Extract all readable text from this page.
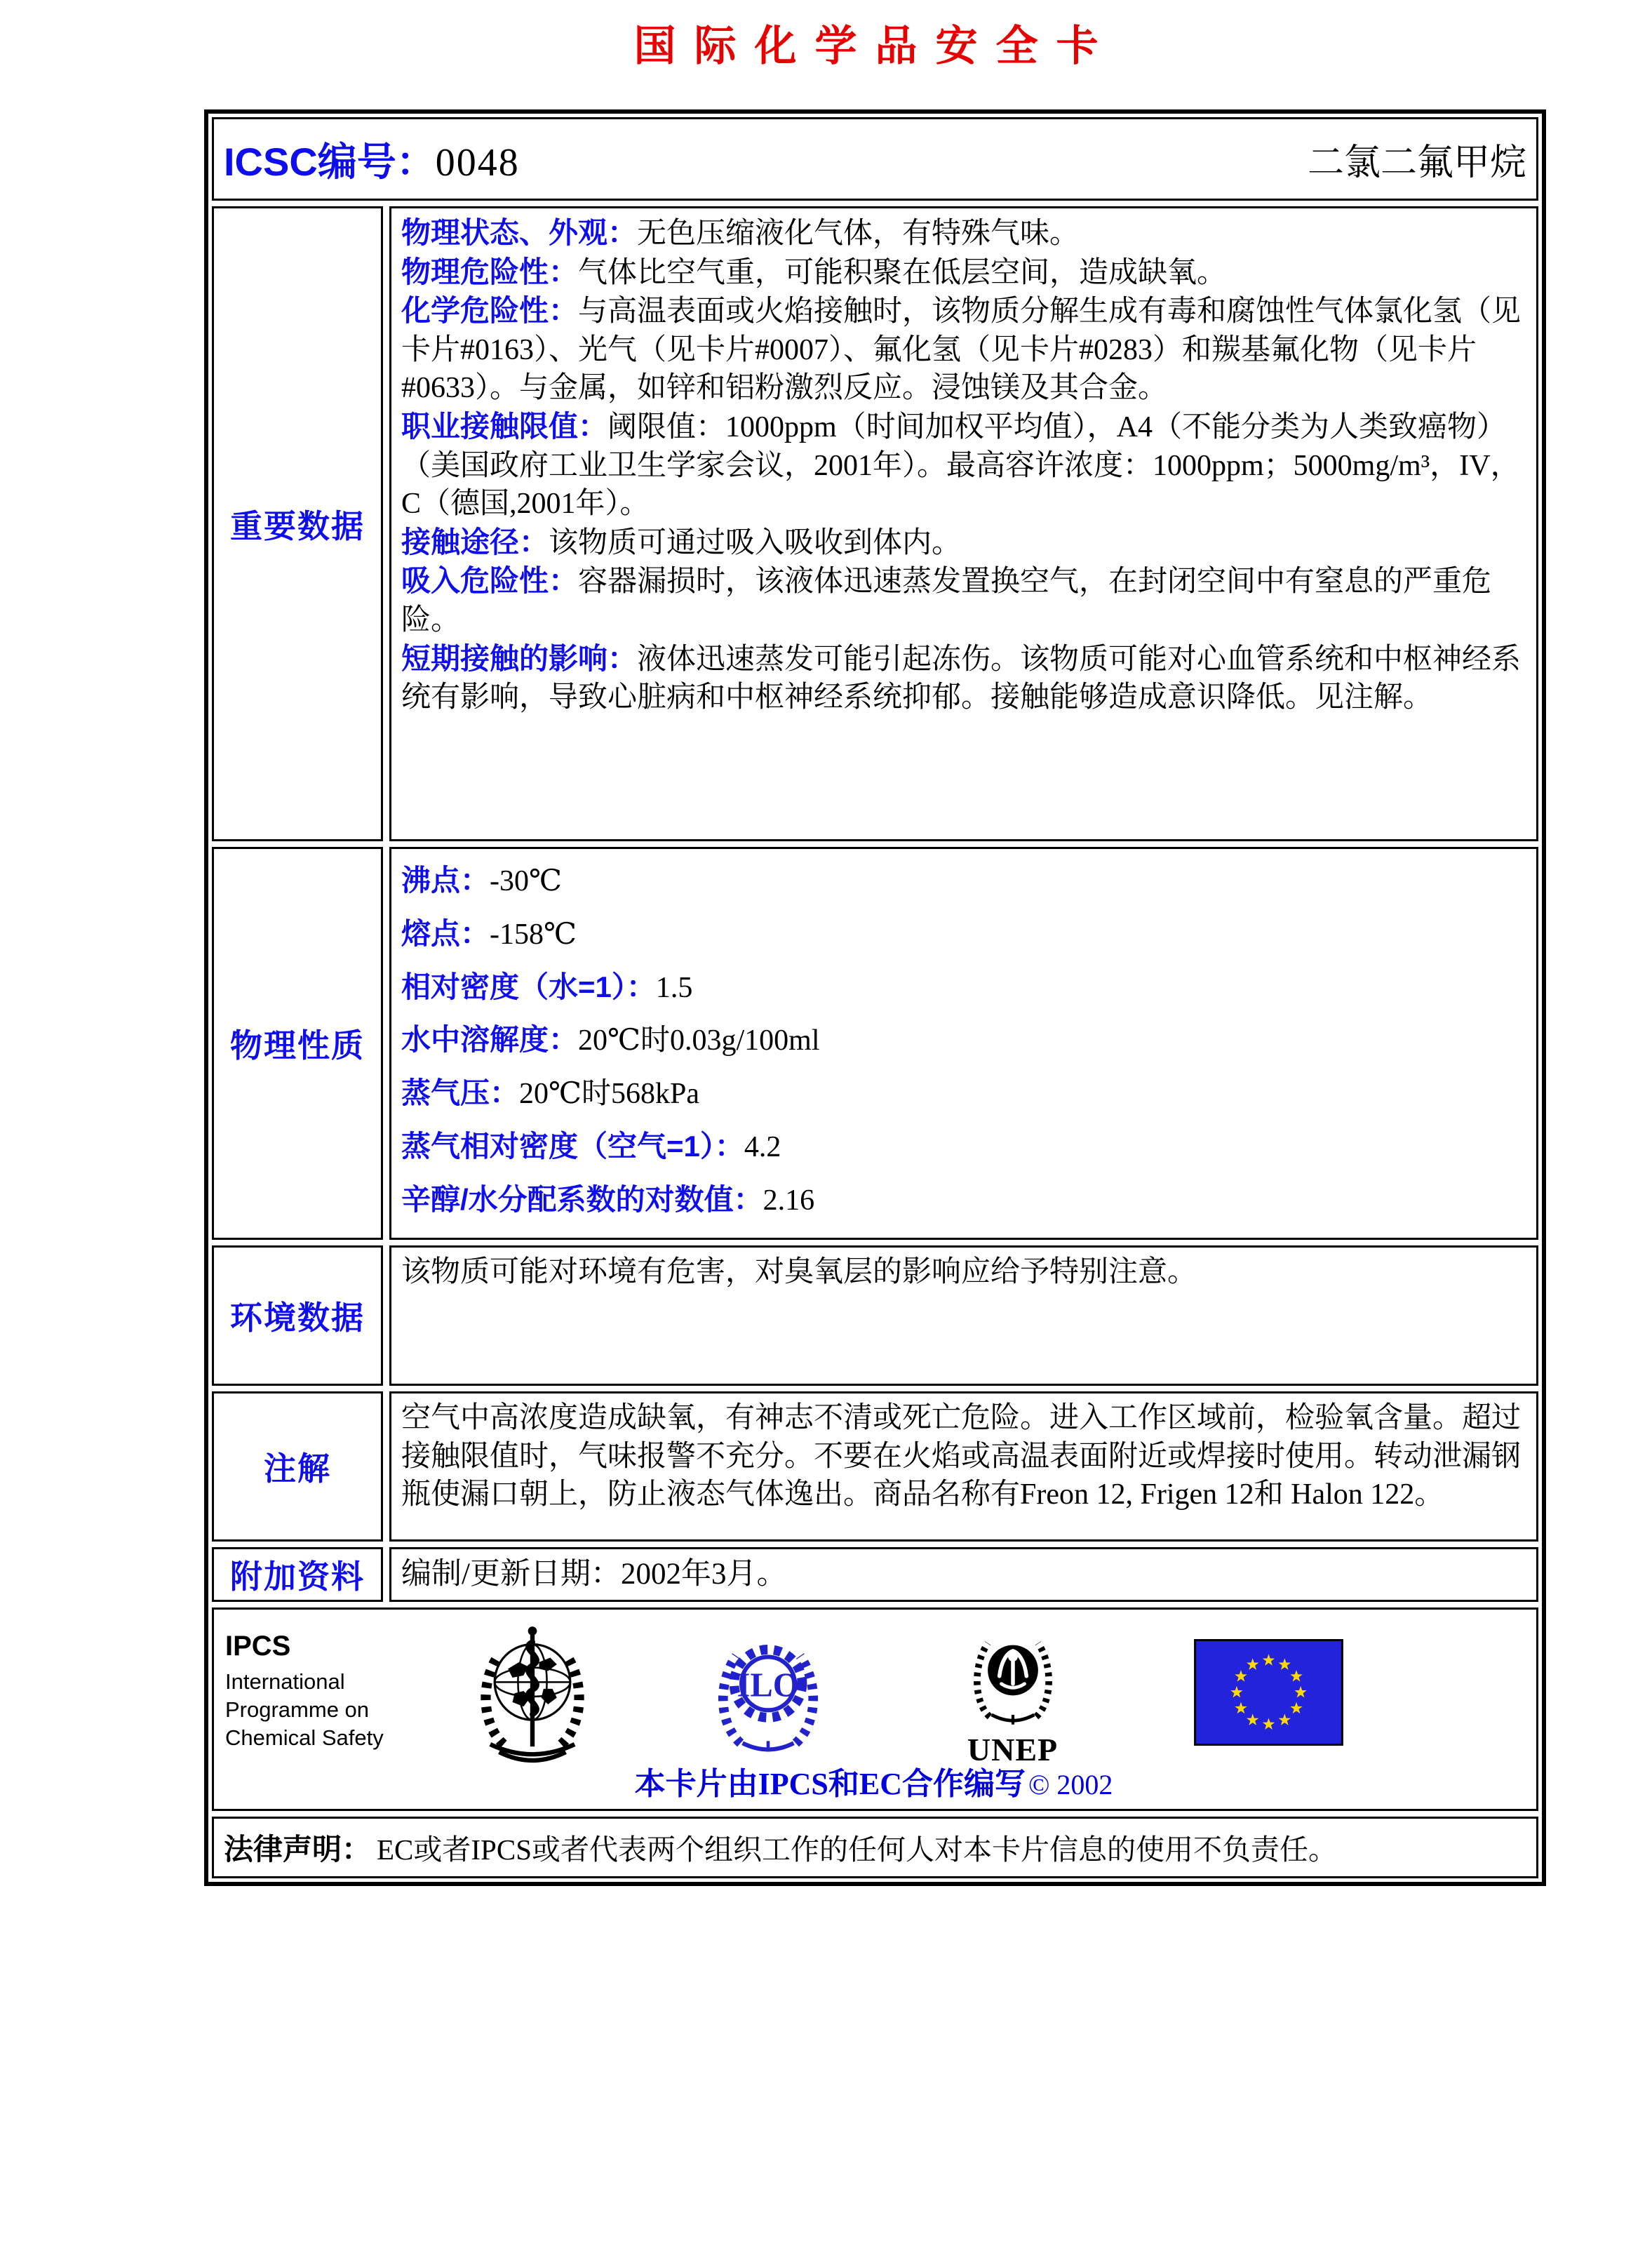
国际化学品安全卡
ICSC编号：0048	二氯二氟甲烷
重要数据

物理状态、外观：无色压缩液化气体，有特殊气味。

物理危险性：气体比空气重，可能积聚在低层空间，造成缺氧。

化学危险性：与高温表面或火焰接触时，该物质分解生成有毒和腐蚀性气体氯化氢（见卡片#0163）、光气（见卡片#0007）、氟化氢（见卡片#0283）和羰基氟化物（见卡片#0633）。与金属，如锌和铝粉激烈反应。浸蚀镁及其合金。

职业接触限值：阈限值：1000ppm（时间加权平均值），A4（不能分类为人类致癌物）（美国政府工业卫生学家会议，2001年）。最高容许浓度：1000ppm；5000mg/m³，IV，C（德国,2001年）。

接触途径：该物质可通过吸入吸收到体内。

吸入危险性：容器漏损时，该液体迅速蒸发置换空气，在封闭空间中有窒息的严重危险。

短期接触的影响：液体迅速蒸发可能引起冻伤。该物质可能对心血管系统和中枢神经系统有影响，导致心脏病和中枢神经系统抑郁。接触能够造成意识降低。见注解。

物理性质
沸点：-30℃
熔点：-158℃
相对密度（水=1）：1.5
水中溶解度：20℃时0.03g/100ml
蒸气压：20℃时568kPa
蒸气相对密度（空气=1）：4.2
辛醇/水分配系数的对数值：2.16
环境数据
该物质可能对环境有危害，对臭氧层的影响应给予特别注意。
注解
空气中高浓度造成缺氧，有神志不清或死亡危险。进入工作区域前，检验氧含量。超过接触限值时，气味报警不充分。不要在火焰或高温表面附近或焊接时使用。转动泄漏钢瓶使漏口朝上，防止液态气体逸出。商品名称有Freon 12, Frigen 12和 Halon 122。
附加资料	编制/更新日期：2002年3月。
IPCS
International
Programme on
Chemical Safety
ILO
UNEP
本卡片由IPCS和EC合作编写 © 2002
法律声明： EC或者IPCS或者代表两个组织工作的任何人对本卡片信息的使用不负责任。
